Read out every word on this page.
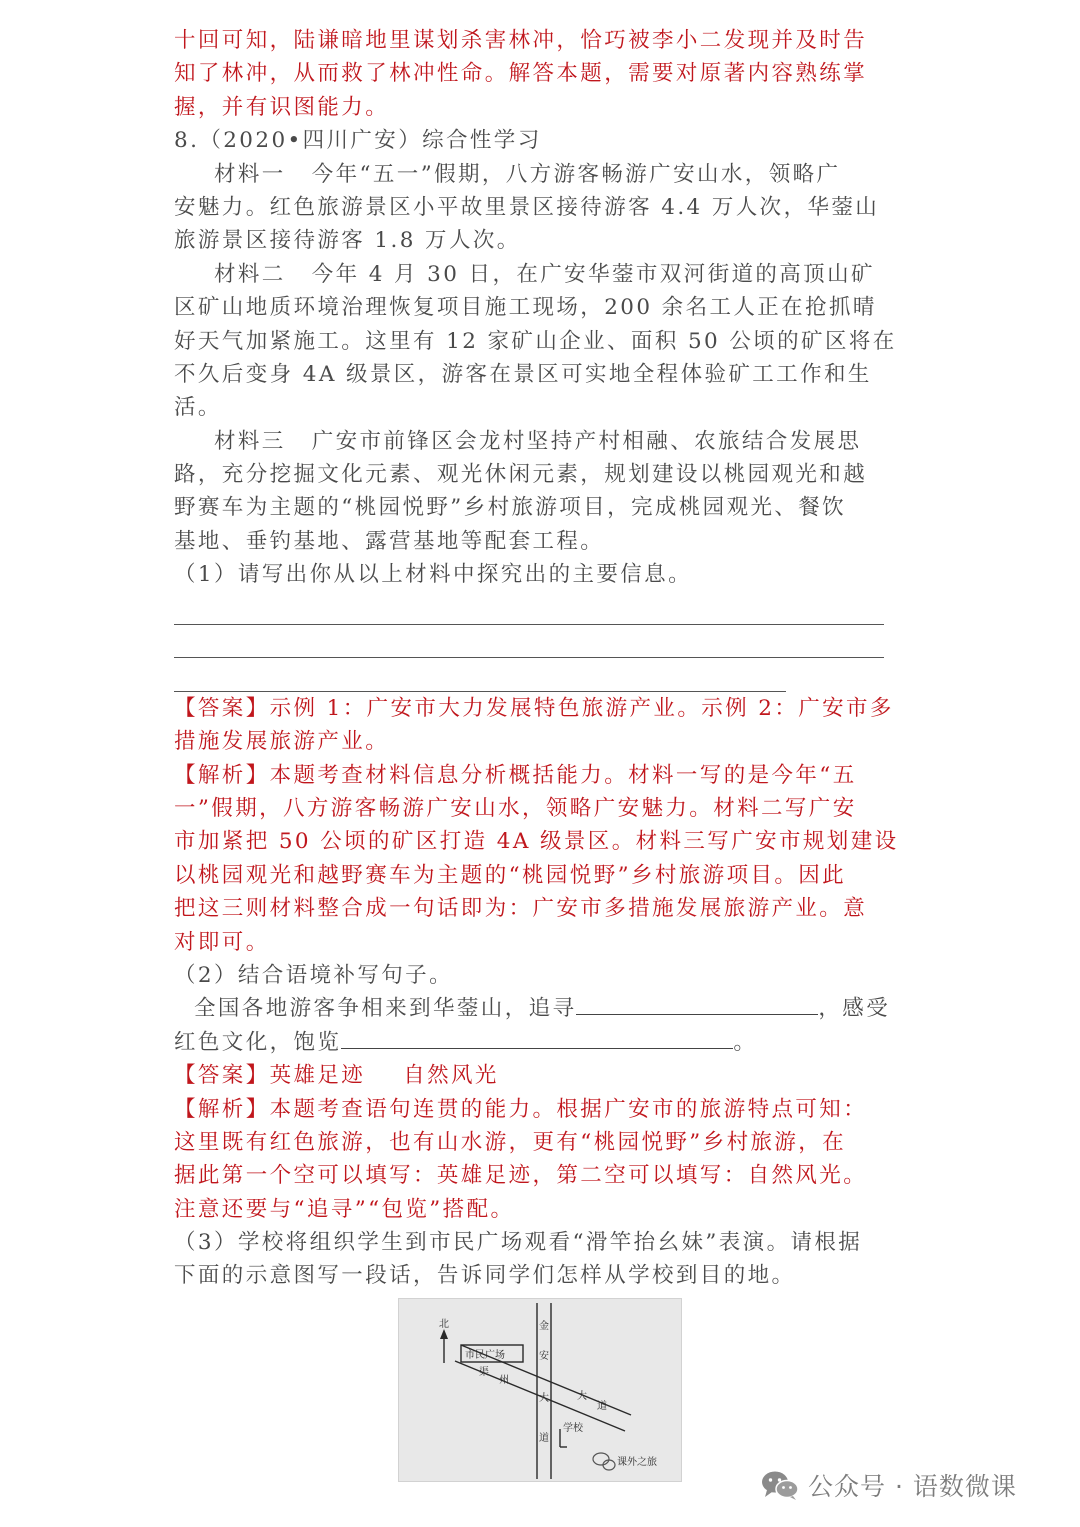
十回可知，陆谦暗地里谋划杀害林冲，恰巧被李小二发现并及时告
知了林冲，从而救了林冲性命。解答本题，需要对原著内容熟练掌
握，并有识图能力。
8.（2020•四川广安）综合性学习
材料一 今年“五一”假期，八方游客畅游广安山水，领略广
安魅力。红色旅游景区小平故里景区接待游客 4.4 万人次，华蓥山
旅游景区接待游客 1.8 万人次。
材料二 今年 4 月 30 日，在广安华蓥市双河街道的高顶山矿
区矿山地质环境治理恢复项目施工现场，200 余名工人正在抢抓晴
好天气加紧施工。这里有 12 家矿山企业、面积 50 公顷的矿区将在
不久后变身 4A 级景区，游客在景区可实地全程体验矿工工作和生
活。
材料三 广安市前锋区会龙村坚持产村相融、农旅结合发展思
路，充分挖掘文化元素、观光休闲元素，规划建设以桃园观光和越
野赛车为主题的“桃园悦野”乡村旅游项目，完成桃园观光、餐饮
基地、垂钓基地、露营基地等配套工程。
（1）请写出你从以上材料中探究出的主要信息。
【答案】示例 1：广安市大力发展特色旅游产业。示例 2：广安市多
措施发展旅游产业。
【解析】本题考查材料信息分析概括能力。材料一写的是今年“五
一”假期，八方游客畅游广安山水，领略广安魅力。材料二写广安
市加紧把 50 公顷的矿区打造 4A 级景区。材料三写广安市规划建设
以桃园观光和越野赛车为主题的“桃园悦野”乡村旅游项目。因此
把这三则材料整合成一句话即为：广安市多措施发展旅游产业。意
对即可。
（2）结合语境补写句子。
全国各地游客争相来到华蓥山，追寻	，感受
红色文化，饱览	。
【答案】英雄足迹 自然风光
【解析】本题考查语句连贯的能力。根据广安市的旅游特点可知：
这里既有红色旅游，也有山水游，更有“桃园悦野”乡村旅游，在
据此第一个空可以填写：英雄足迹，第二空可以填写：自然风光。
注意还要与“追寻”“包览”搭配。
（3）学校将组织学生到市民广场观看“滑竿抬幺妹”表演。请根据
下面的示意图写一段话，告诉同学们怎样从学校到目的地。
北
市民广场
金
安
大
道
渠
州
大
道
学校
课外之旅
公众号 · 语数微课
